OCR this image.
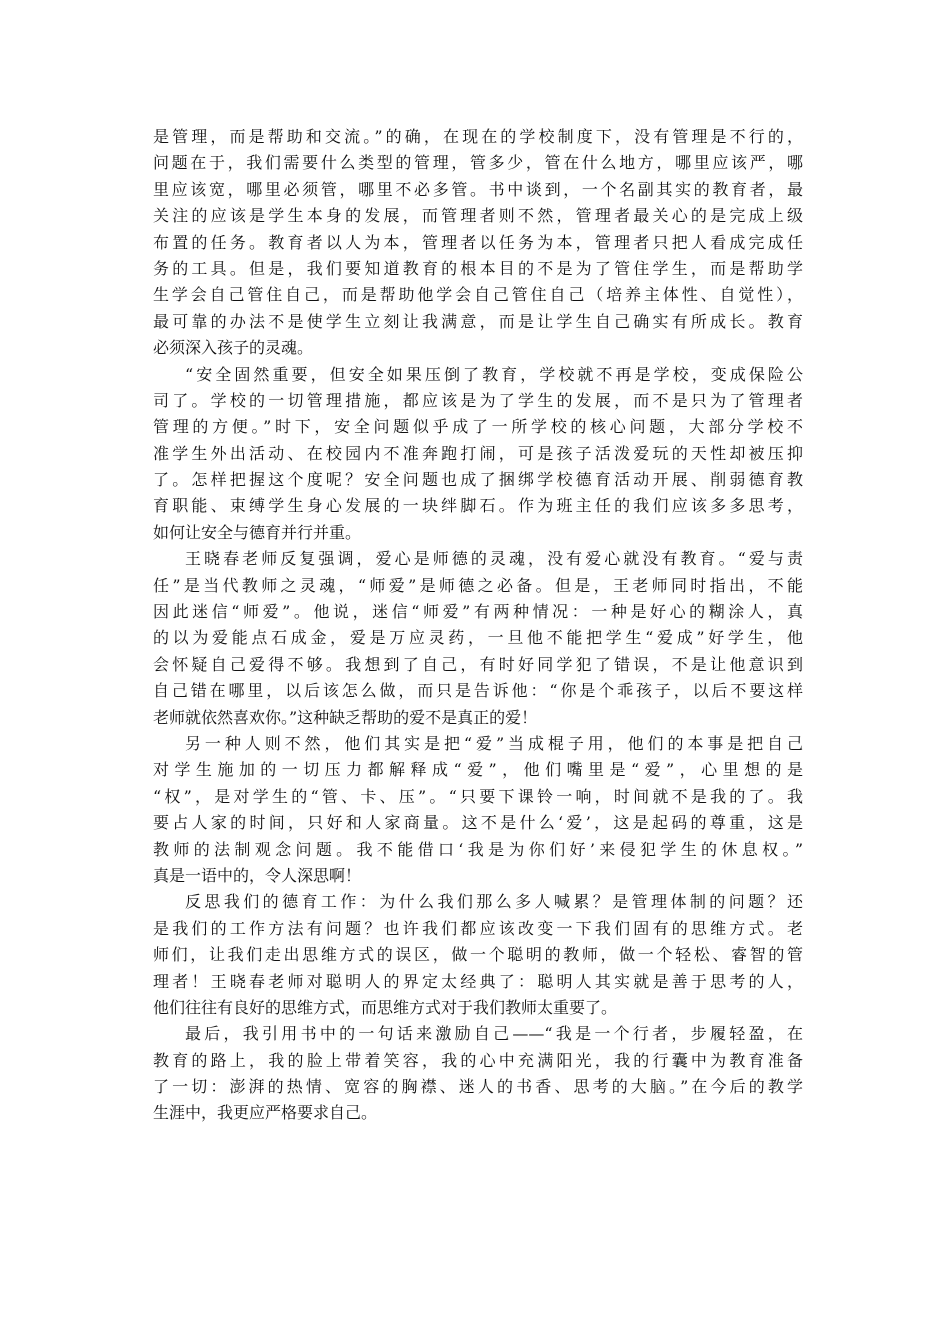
是管理，而是帮助和交流。”的确，在现在的学校制度下，没有管理是不行的，
问题在于，我们需要什么类型的管理，管多少，管在什么地方，哪里应该严，哪
里应该宽，哪里必须管，哪里不必多管。书中谈到，一个名副其实的教育者，最
关注的应该是学生本身的发展，而管理者则不然，管理者最关心的是完成上级
布置的任务。教育者以人为本，管理者以任务为本，管理者只把人看成完成任
务的工具。但是，我们要知道教育的根本目的不是为了管住学生，而是帮助学
生学会自己管住自己，而是帮助他学会自己管住自己（培养主体性、自觉性），
最可靠的办法不是使学生立刻让我满意，而是让学生自己确实有所成长。教育
必须深入孩子的灵魂。
“安全固然重要，但安全如果压倒了教育，学校就不再是学校，变成保险公
司了。学校的一切管理措施，都应该是为了学生的发展，而不是只为了管理者
管理的方便。”时下，安全问题似乎成了一所学校的核心问题，大部分学校不
准学生外出活动、在校园内不准奔跑打闹，可是孩子活泼爱玩的天性却被压抑
了。怎样把握这个度呢？安全问题也成了捆绑学校德育活动开展、削弱德育教
育职能、束缚学生身心发展的一块绊脚石。作为班主任的我们应该多多思考，
如何让安全与德育并行并重。
王晓春老师反复强调，爱心是师德的灵魂，没有爱心就没有教育。“爱与责
任”是当代教师之灵魂，“师爱”是师德之必备。但是，王老师同时指出，不能
因此迷信“师爱”。他说，迷信“师爱”有两种情况：一种是好心的糊涂人，真
的以为爱能点石成金，爱是万应灵药，一旦他不能把学生“爱成”好学生，他
会怀疑自己爱得不够。我想到了自己，有时好同学犯了错误，不是让他意识到
自己错在哪里，以后该怎么做，而只是告诉他：“你是个乖孩子，以后不要这样
老师就依然喜欢你。”这种缺乏帮助的爱不是真正的爱！
另一种人则不然，他们其实是把“爱”当成棍子用，他们的本事是把自己
对学生施加的一切压力都解释成“爱”，他们嘴里是“爱”，心里想的是
“权”，是对学生的“管、卡、压”。“只要下课铃一响，时间就不是我的了。我
要占人家的时间，只好和人家商量。这不是什么‘爱’，这是起码的尊重，这是
教师的法制观念问题。我不能借口‘我是为你们好’来侵犯学生的休息权。”
真是一语中的，令人深思啊！
反思我们的德育工作：为什么我们那么多人喊累？是管理体制的问题？还
是我们的工作方法有问题？也许我们都应该改变一下我们固有的思维方式。老
师们，让我们走出思维方式的误区，做一个聪明的教师，做一个轻松、睿智的管
理者！王晓春老师对聪明人的界定太经典了：聪明人其实就是善于思考的人，
他们往往有良好的思维方式，而思维方式对于我们教师太重要了。
最后，我引用书中的一句话来激励自己——“我是一个行者，步履轻盈，在
教育的路上，我的脸上带着笑容，我的心中充满阳光，我的行囊中为教育准备
了一切：澎湃的热情、宽容的胸襟、迷人的书香、思考的大脑。”在今后的教学
生涯中，我更应严格要求自己。
